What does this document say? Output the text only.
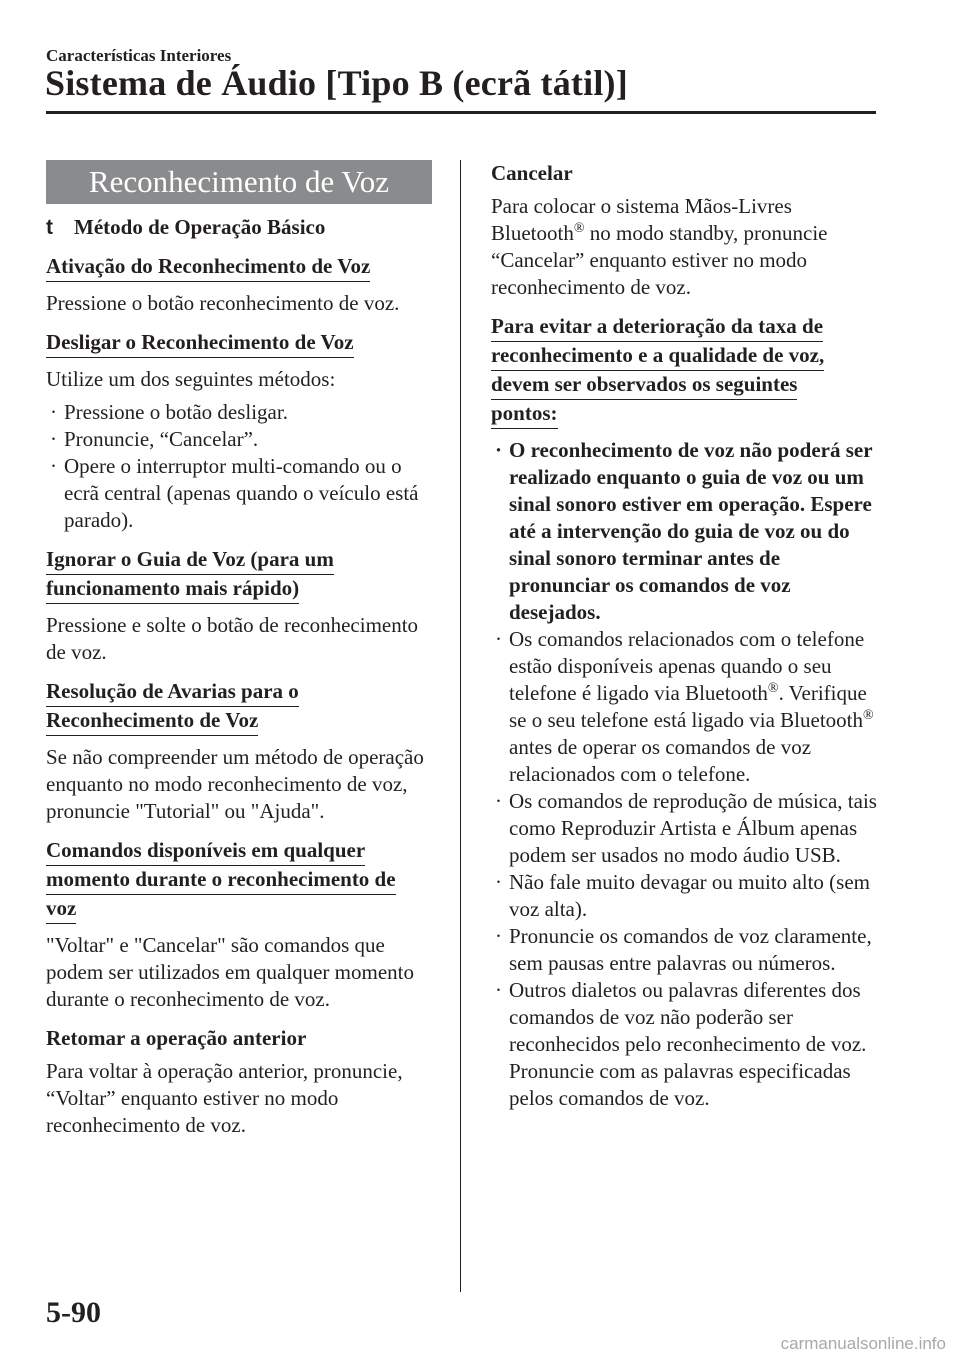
Características Interiores
Sistema de Áudio [Tipo B (ecrã tátil)]
Reconhecimento de Voz
t Método de Operação Básico
Ativação do Reconhecimento de Voz

Pressione o botão reconhecimento de voz.

Desligar o Reconhecimento de Voz

Utilize um dos seguintes métodos:

· Pressione o botão desligar.
· Pronuncie, “Cancelar”.
· Opere o interruptor multi-comando ou o ecrã central (apenas quando o veículo está parado).
Ignorar o Guia de Voz (para um
funcionamento mais rápido)

Pressione e solte o botão de reconhecimento de voz.

Resolução de Avarias para o
Reconhecimento de Voz

Se não compreender um método de operação enquanto no modo reconhecimento de voz, pronuncie "Tutorial" ou "Ajuda".

Comandos disponíveis em qualquer
momento durante o reconhecimento de
voz

"Voltar" e "Cancelar" são comandos que podem ser utilizados em qualquer momento durante o reconhecimento de voz.

Retomar a operação anterior

Para voltar à operação anterior, pronuncie, “Voltar” enquanto estiver no modo reconhecimento de voz.

Cancelar

Para colocar o sistema Mãos-Livres Bluetooth® no modo standby, pronuncie “Cancelar” enquanto estiver no modo reconhecimento de voz.

Para evitar a deterioração da taxa de
reconhecimento e a qualidade de voz,
devem ser observados os seguintes
pontos:
· O reconhecimento de voz não poderá ser realizado enquanto o guia de voz ou um sinal sonoro estiver em operação. Espere até a intervenção do guia de voz ou do sinal sonoro terminar antes de pronunciar os comandos de voz desejados.
· Os comandos relacionados com o telefone estão disponíveis apenas quando o seu telefone é ligado via Bluetooth®. Verifique se o seu telefone está ligado via Bluetooth® antes de operar os comandos de voz relacionados com o telefone.
· Os comandos de reprodução de música, tais como Reproduzir Artista e Álbum apenas podem ser usados no modo áudio USB.
· Não fale muito devagar ou muito alto (sem voz alta).
· Pronuncie os comandos de voz claramente, sem pausas entre palavras ou números.
· Outros dialetos ou palavras diferentes dos comandos de voz não poderão ser reconhecidos pelo reconhecimento de voz. Pronuncie com as palavras especificadas pelos comandos de voz.
5-90
carmanualsonline.info
